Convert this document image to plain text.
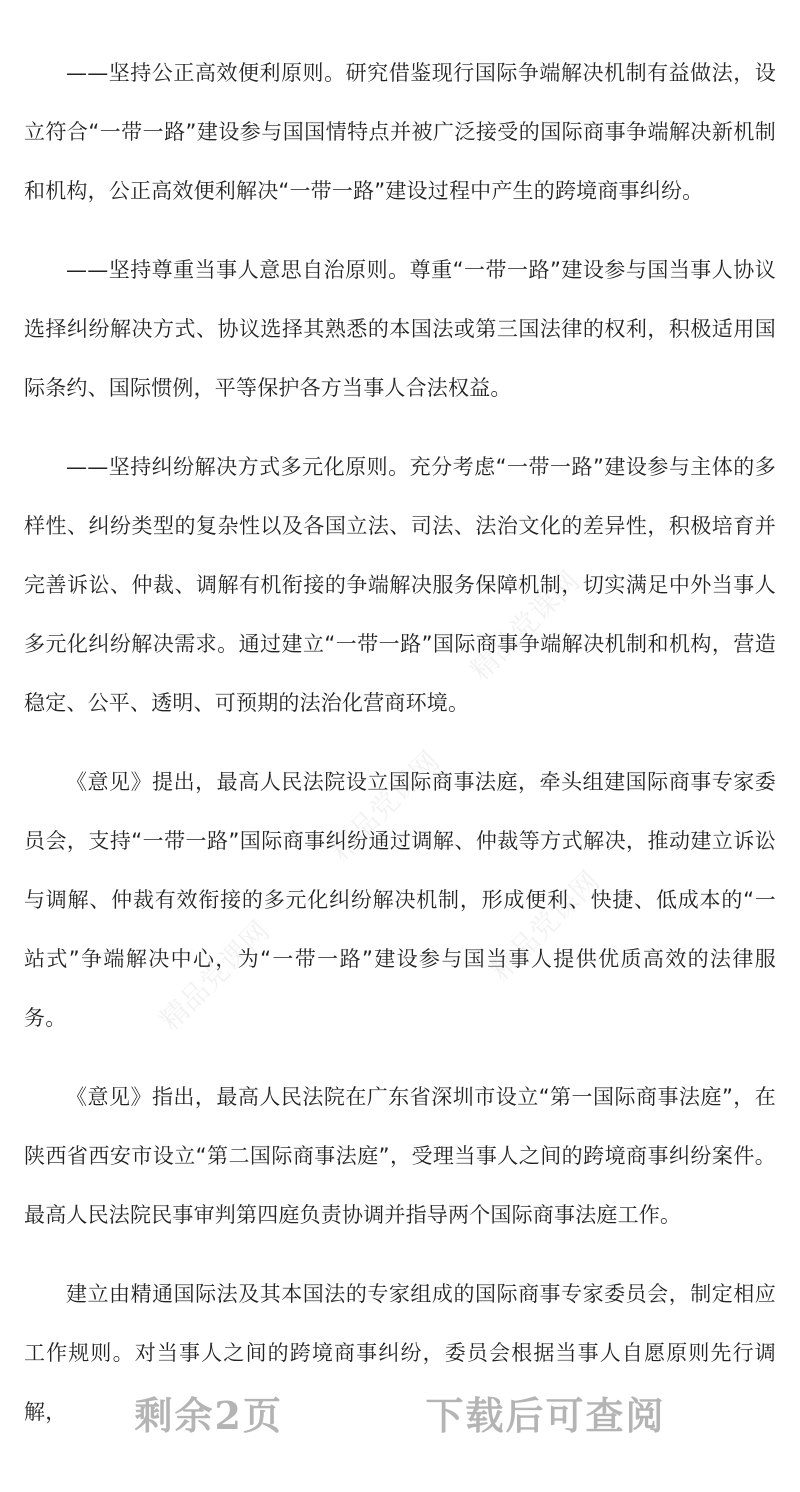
精品党课网
精品党课网
精品党课网	精品党课网

——坚持公正高效便利原则。研究借鉴现行国际争端解决机制有益做法，设立符合“一带一路”建设参与国国情特点并被广泛接受的国际商事争端解决新机制和机构，公正高效便利解决“一带一路”建设过程中产生的跨境商事纠纷。

——坚持尊重当事人意思自治原则。尊重“一带一路”建设参与国当事人协议选择纠纷解决方式、协议选择其熟悉的本国法或第三国法律的权利，积极适用国际条约、国际惯例，平等保护各方当事人合法权益。

——坚持纠纷解决方式多元化原则。充分考虑“一带一路”建设参与主体的多样性、纠纷类型的复杂性以及各国立法、司法、法治文化的差异性，积极培育并完善诉讼、仲裁、调解有机衔接的争端解决服务保障机制，切实满足中外当事人多元化纠纷解决需求。通过建立“一带一路”国际商事争端解决机制和机构，营造稳定、公平、透明、可预期的法治化营商环境。

《意见》提出，最高人民法院设立国际商事法庭，牵头组建国际商事专家委员会，支持“一带一路”国际商事纠纷通过调解、仲裁等方式解决，推动建立诉讼与调解、仲裁有效衔接的多元化纠纷解决机制，形成便利、快捷、低成本的“一站式”争端解决中心，为“一带一路”建设参与国当事人提供优质高效的法律服务。

《意见》指出，最高人民法院在广东省深圳市设立“第一国际商事法庭”，在陕西省西安市设立“第二国际商事法庭”，受理当事人之间的跨境商事纠纷案件。最高人民法院民事审判第四庭负责协调并指导两个国际商事法庭工作。

建立由精通国际法及其本国法的专家组成的国际商事专家委员会，制定相应工作规则。对当事人之间的跨境商事纠纷，委员会根据当事人自愿原则先行调解，	剩余2页	下载后可查阅
